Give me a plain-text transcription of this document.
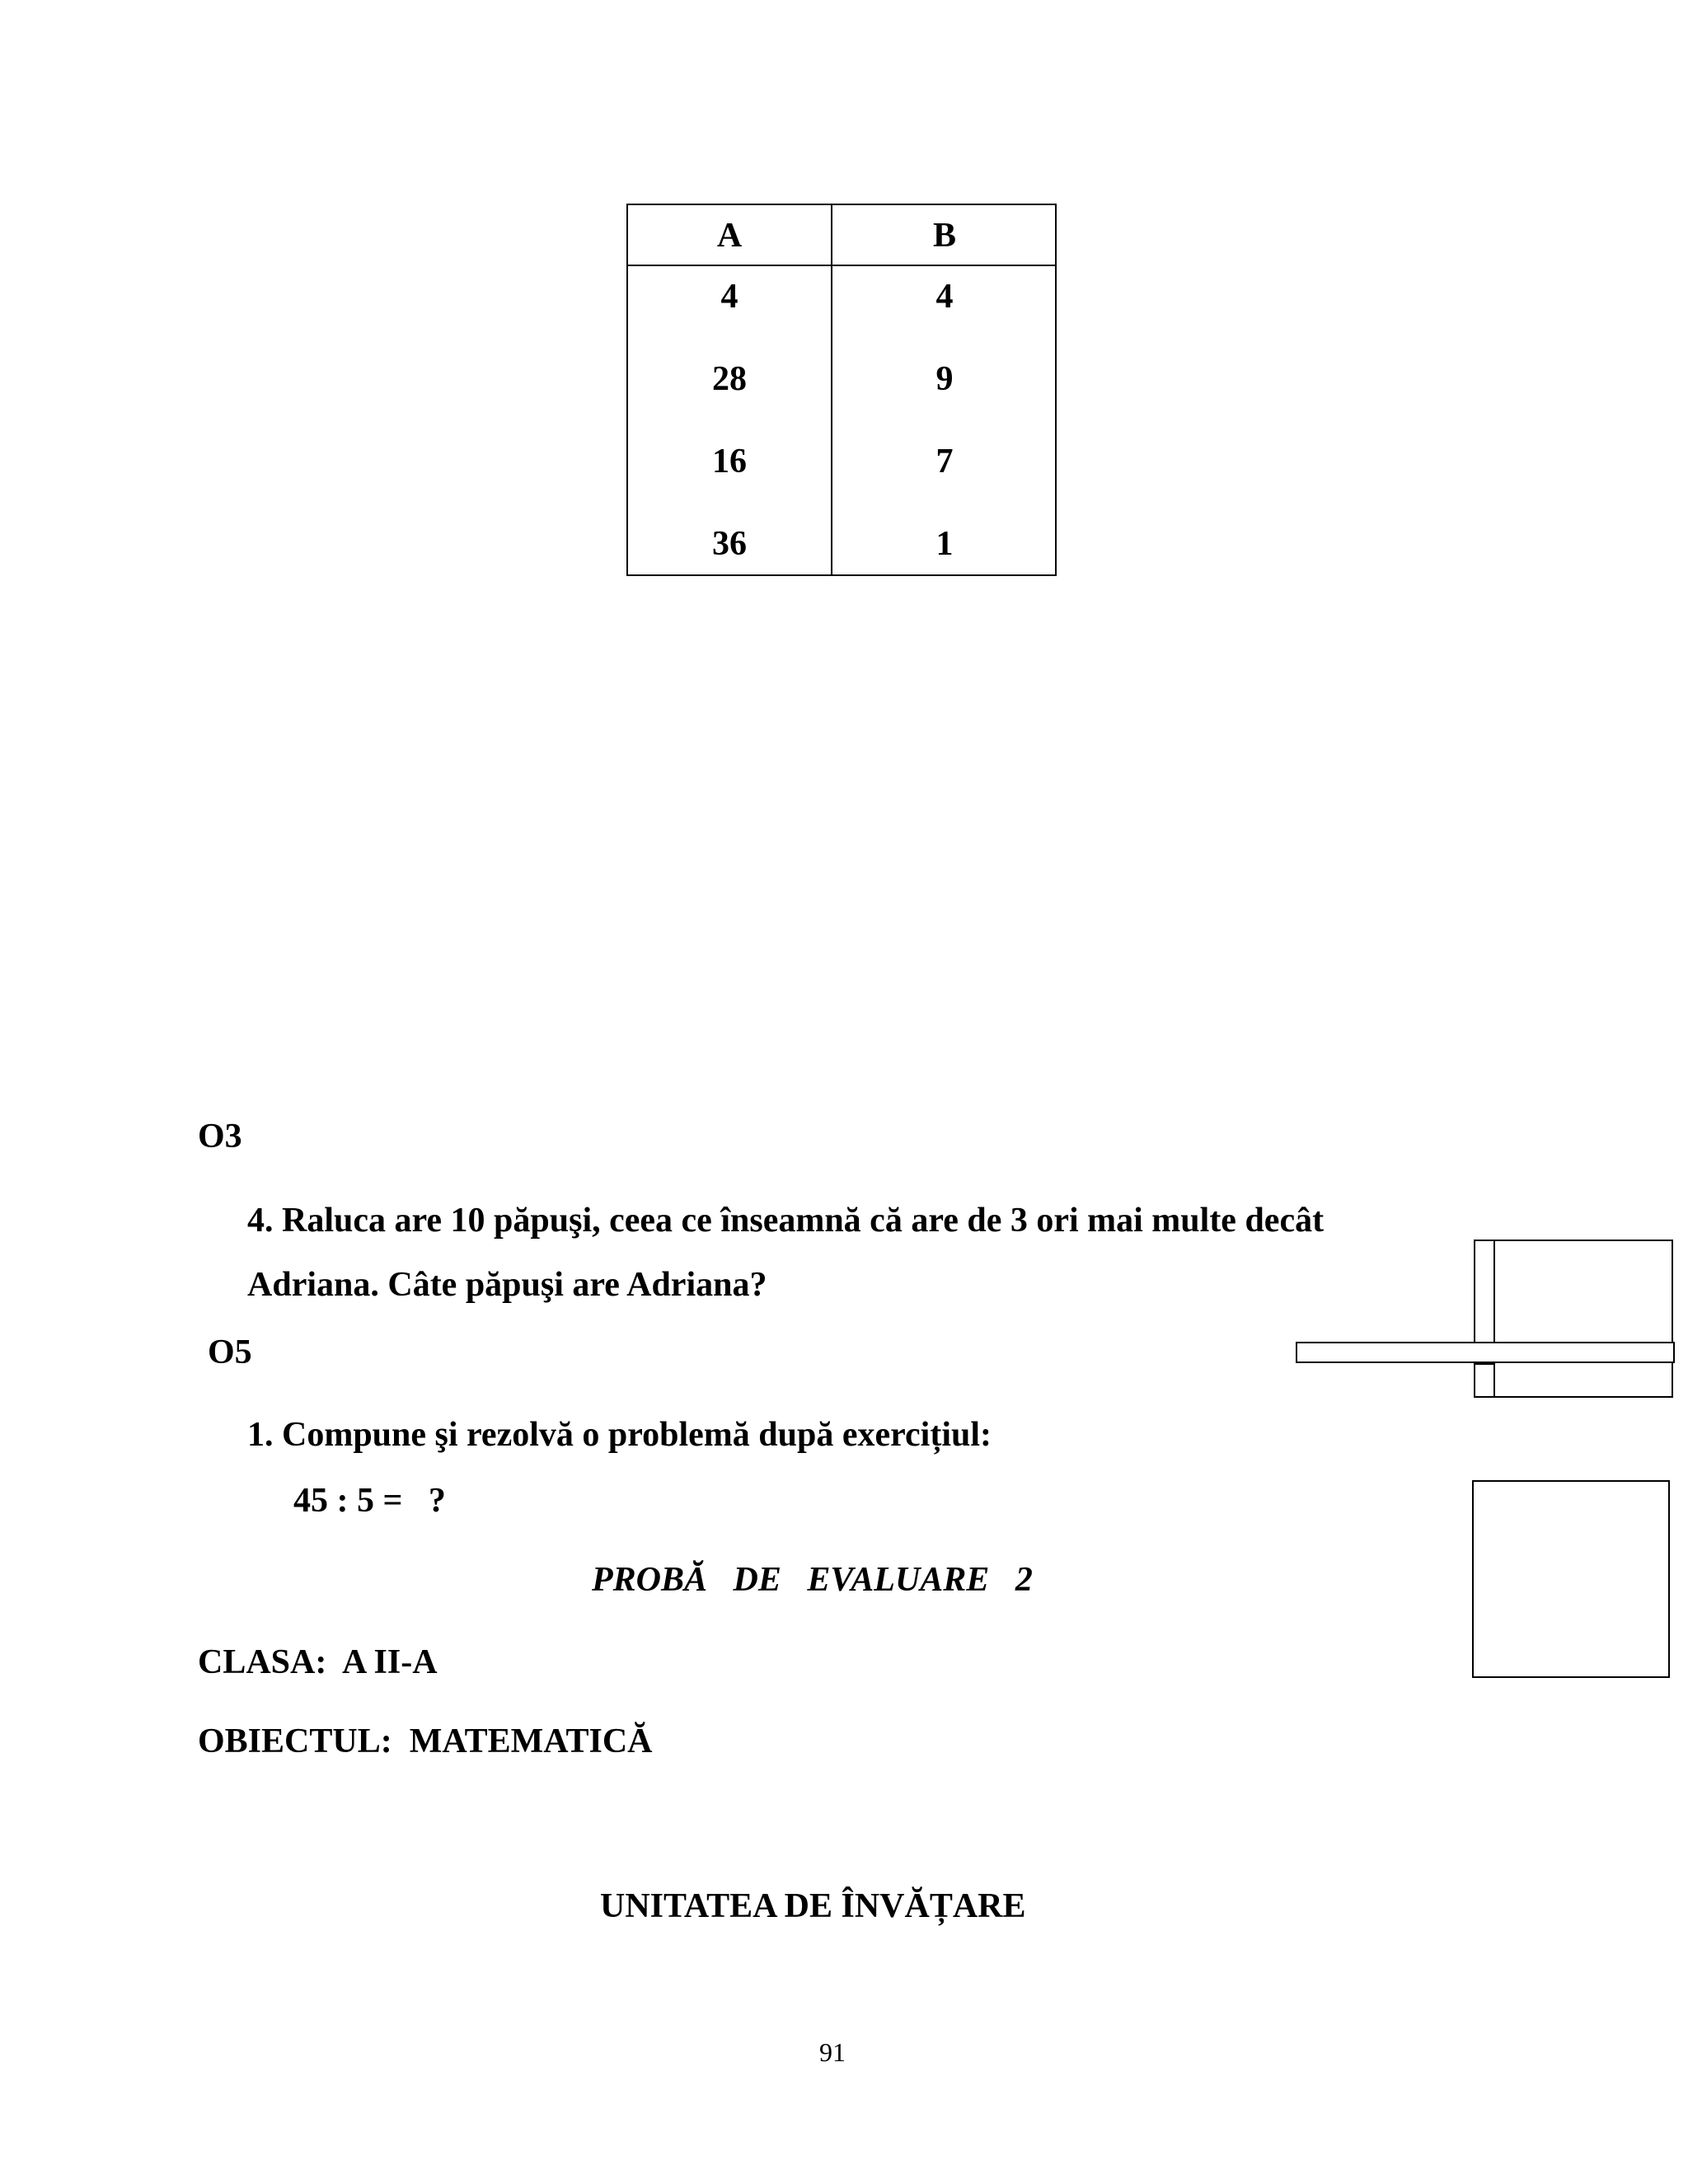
A	B
4	4
28	9
16	7
36	1
O3
4. Raluca are 10 păpuşi, ceea ce înseamnă că are de 3 ori mai multe decât
Adriana. Câte păpuşi are Adriana?
O5
1. Compune şi rezolvă o problemă după exercițiul:
45 : 5 =   ?
PROBĂ   DE   EVALUARE   2
CLASA:  A II-A
OBIECTUL:  MATEMATICĂ
UNITATEA DE ÎNVĂȚARE
91
